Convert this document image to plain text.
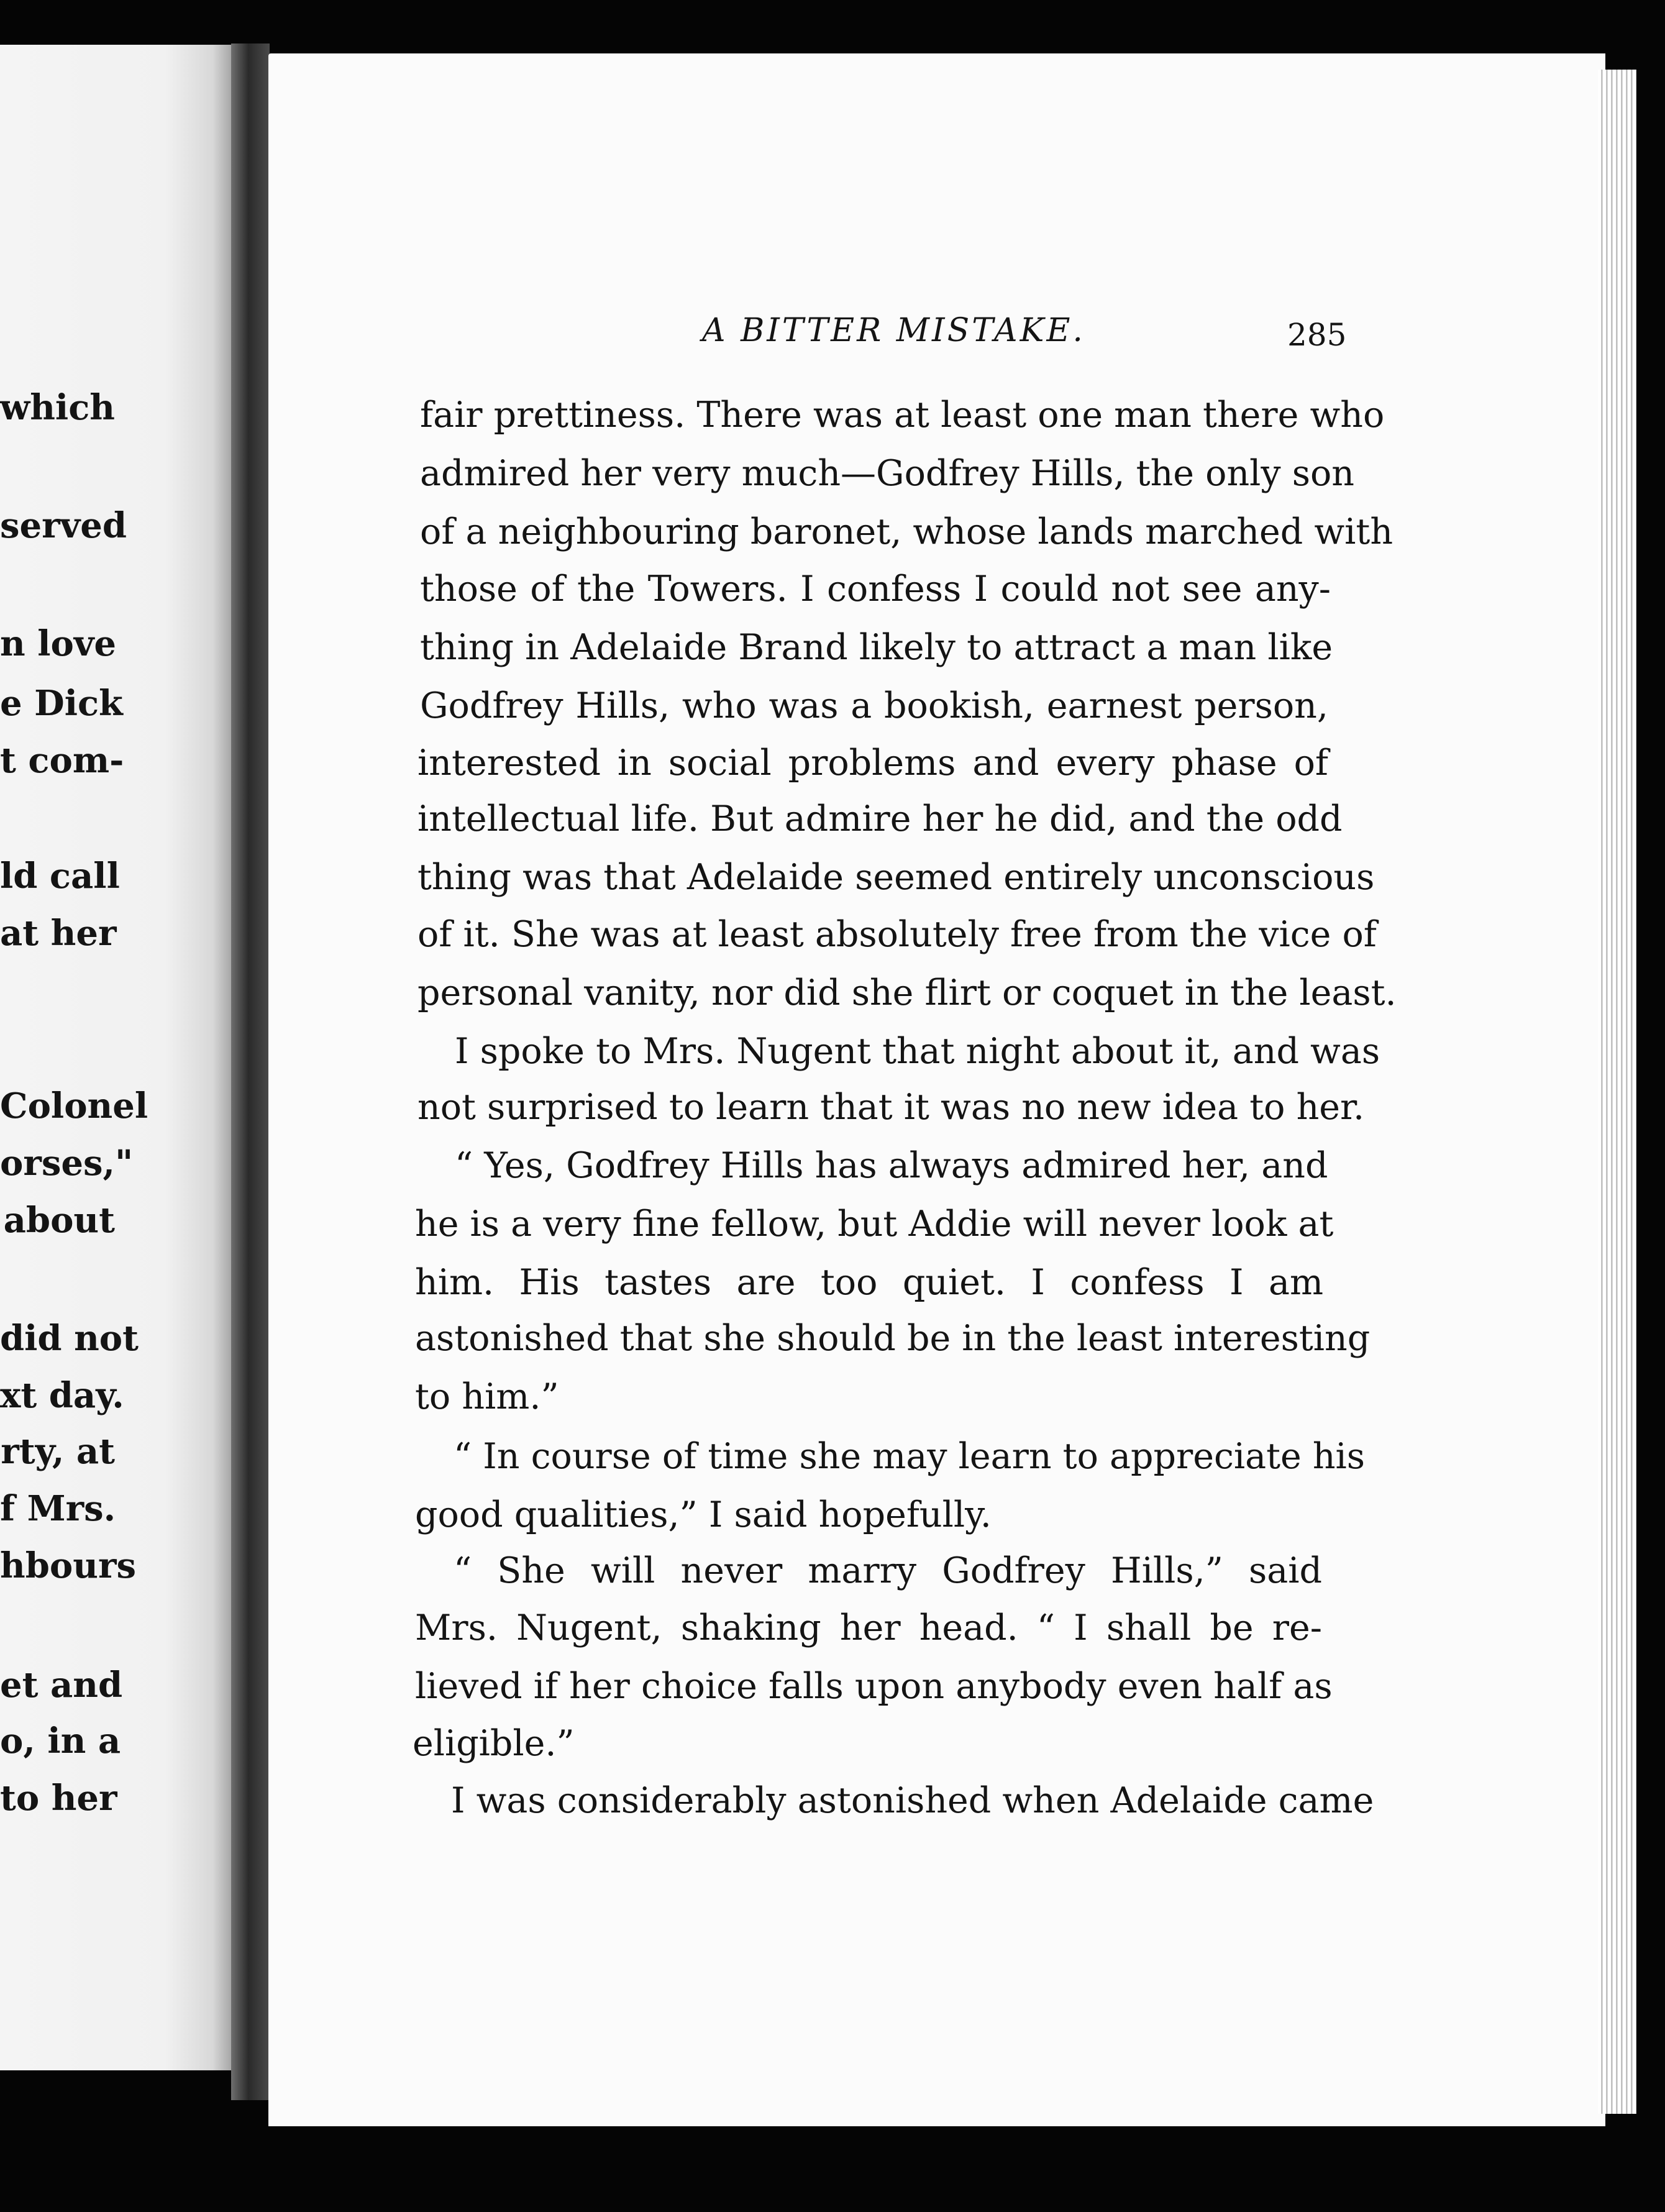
which
served
n love
e Dick
t com-
ld call
at her
Colonel
orses,"
about
did not
xt day.
rty, at
f Mrs.
hbours
et and
o, in a
to her
A BITTER MISTAKE.	285
fair prettiness. There was at least one man there who
admired her very much—Godfrey Hills, the only son
of a neighbouring baronet, whose lands marched with
those of the Towers. I confess I could not see any-
thing in Adelaide Brand likely to attract a man like
Godfrey Hills, who was a bookish, earnest person,
interested in social problems and every phase of
intellectual life. But admire her he did, and the odd
thing was that Adelaide seemed entirely unconscious
of it. She was at least absolutely free from the vice of
personal vanity, nor did she flirt or coquet in the least.
I spoke to Mrs. Nugent that night about it, and was
not surprised to learn that it was no new idea to her.
“ Yes, Godfrey Hills has always admired her, and
he is a very fine fellow, but Addie will never look at
him. His tastes are too quiet. I confess I am
astonished that she should be in the least interesting
to him.”
“ In course of time she may learn to appreciate his
good qualities,” I said hopefully.
“ She will never marry Godfrey Hills,” said
Mrs. Nugent, shaking her head. “ I shall be re-
lieved if her choice falls upon anybody even half as
eligible.”
I was considerably astonished when Adelaide came
